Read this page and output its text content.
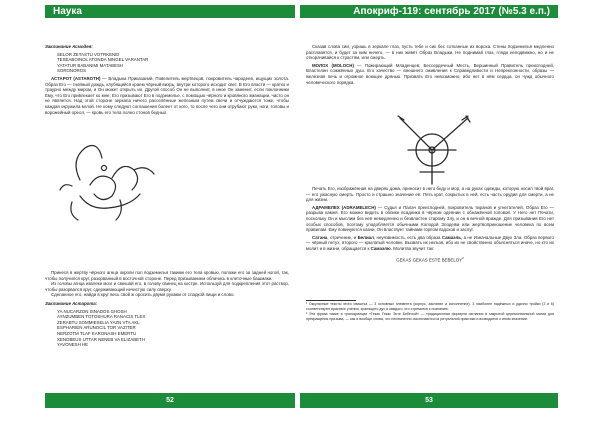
Наука	Апокриф-119: сентябрь 2017 (№5.3 е.п.)
Заклинание Асмодея:
SELOR ZETASTU VOTRKENEI
TESEABOINOL ATONDA NINGEL VARANTAR
YATATUR BABANIMI MATABESH
SORONOROS

АСТАРОТ (ASTAROTH) — Владыка Приказаний, Повелитель мертвецов, покровитель чародеев, ищущих золота. Образ Его — гнойный дождь, клубящийся краем чёрный вихрь, внутри которого исходит свет. В Его власти — кратко и траурно между миром, и Он может открыть их. Другой способ Он не выполнит, в иное Он заменит, если поклонники Ему, что Его привлекает ко мне; Его призывают Его в подземелье, с помощью чёрного и кровяного эманации, часто он не является. Над этой стороне зеркала ничего расселённые железным путем свечи и отчуждаются тоже, чтобы каждая окружила мглой. Не кому следуют соглашения болеет от кого, то после чего они отрубают руки, ноги, головы и ворожейный ореол, — кровь его тела полно стонов бедных.

Принеся в жертву чёрного агнца окропи пол подземелья такими его тела кровью, положи его за задней ногой, так, чтобы получился круг, разорванный в восточной стороне. Перед призыванием облачись в клеточные башмаки.

Из головы агнца извлеки мозг и смешай его, в голову свинец на костре. Используй для подкрепления этот раствор, чтобы разорвался круг, сдерживающий нечистую силу сверху.

Сделанное его, найди в круг весь свой ж оросить двумя руками от сладкой пищи и слово.

Заклинание Астарота:
YA NUCARZON ISNADOS GHOSH
AYNZUMBEN TOTOSHURA RANACIS TLEX
ZERABTU SOMMIESELIA YAZN VTA AKL
ESPHARIEN ARUNOCIL TOR VAZITER
NERZOTM TLAF KARONASH EMERTU
XENOBEUS UTTAR NENEB VA ELIZABETH
YAVONESH HE

Сказав слова сии, узришь в зеркале глаз, пусть тебе и сих бес сотканные из вороха. Стены подземелья медленно расплавятся, и будет за ним ничего, — в них живёт Образ Владыки. Не поднимай глаз, гляди неподвижно, но и не откорачивайся к страстям, или смерть.

МОЛОХ (MOLOCH) — Пожирающий Младенцев, Бессердечный Месть, Вершинный Правитель преисподней, Властелин сожжённых душ. Его качество — внешнего оживления к Справедливости и Непреклонности, образы — железная печь и огромное воющее дрянью. Призвать Его невозможно, ибо нет в нём сердца, он чужд обычного человеческого порядка.

Печать Его, изображённая на дверях дома, приносит в него беду и мор, а на руках одежды, которую носил твой враг, — его ужасную смерть. Просто и страшно значение её. Пять крат, сокрытых в ней, есть часть орудия для смерти, а не для жизни.

АДРАМЕЛЕХ (ADRAMELECH) — Судья и Палач преисподней, покровитель тиранов и угнетателей. Образ Его — разрыва камня. Его можно видеть в облике всадника в чёрном одеянии с обнажённой головой. У Него нет Печати, поскольку Он и мыслим без неё немедленно и безвластен старому Злу, и он в вечной вражде. Для призывания Его нет особых способов, поэтому уподобляется обычными Колодой Злодеям или жертвоприношение человека по всем правилам. Ему повинуются казни, Он властвует тайнами горлом вздохов и заслуг.

Сатана, отречение, и Белиал, неуязвимость, есть два образа Самаэль, а не Изначальные Двух Зла. Образ первого — чёрный петух, второго — крылатый человек. Вызвать их нельзя, ибо их не свойственно объясняться иначе, но кто их молит и в жизни, обращается к Самаэлю. Молитва звучит так:

GEKAS GEKAS ESTE BEBELOY$^2$

¹ Оккультные тексты этого свиштка — 3 основных элемента (корпус, заклятие и исполнение). 3 наиболее надёжных и удачно тройки (3 и 6) соответствуют практике учения, хранящего дух и каждого, кто стремится к познанию.

² Эта фраза также в транскрипции «Гекас Гекас Эсте Бебелой» — традиционная формула изгнания в закрытой церемониальной магии для прекращения призыва, — как и вообще слова, что несомненно исключаются из ритуальной практики и возводятся о ином значении.

52	53
